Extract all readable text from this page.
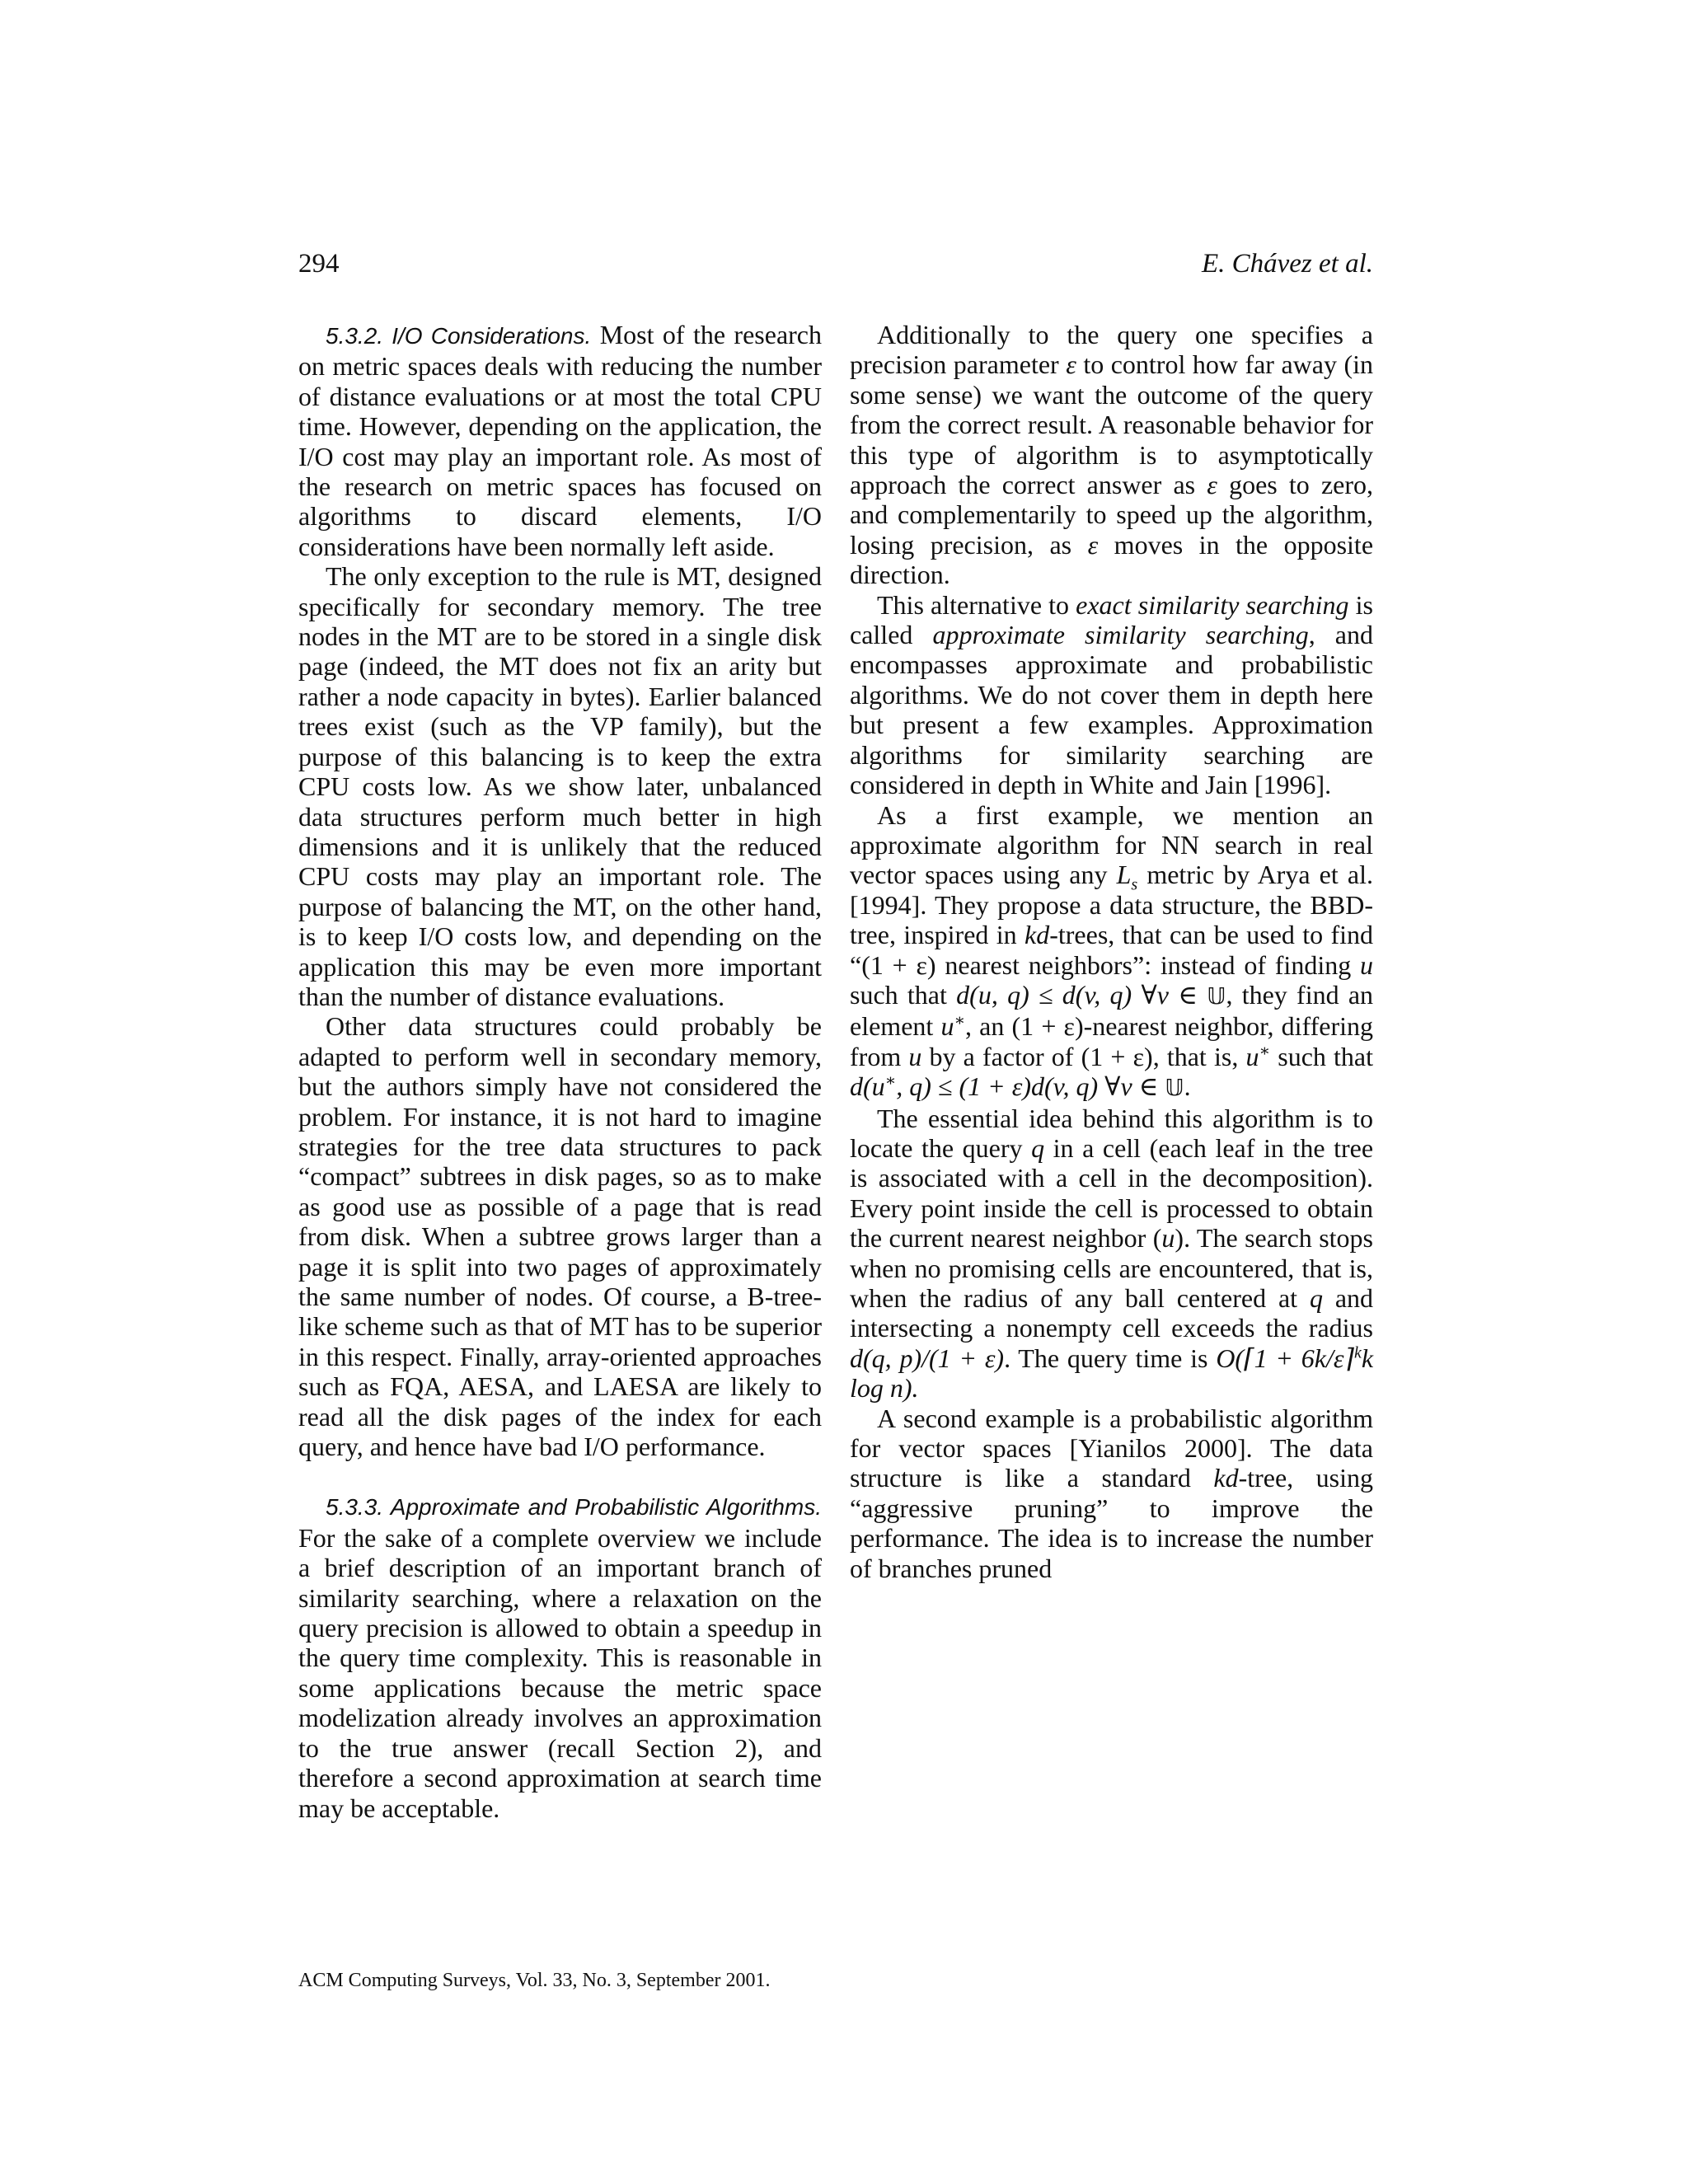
294	E. Chávez et al.

5.3.2. I/O Considerations. Most of the research on metric spaces deals with reducing the number of distance evaluations or at most the total CPU time. However, depending on the application, the I/O cost may play an important role. As most of the research on metric spaces has focused on algorithms to discard elements, I/O considerations have been normally left aside.

The only exception to the rule is MT, designed specifically for secondary memory. The tree nodes in the MT are to be stored in a single disk page (indeed, the MT does not fix an arity but rather a node capacity in bytes). Earlier balanced trees exist (such as the VP family), but the purpose of this balancing is to keep the extra CPU costs low. As we show later, unbalanced data structures perform much better in high dimensions and it is unlikely that the reduced CPU costs may play an important role. The purpose of balancing the MT, on the other hand, is to keep I/O costs low, and depending on the application this may be even more important than the number of distance evaluations.

Other data structures could probably be adapted to perform well in secondary memory, but the authors simply have not considered the problem. For instance, it is not hard to imagine strategies for the tree data structures to pack “compact” subtrees in disk pages, so as to make as good use as possible of a page that is read from disk. When a subtree grows larger than a page it is split into two pages of approximately the same number of nodes. Of course, a B-tree-like scheme such as that of MT has to be superior in this respect. Finally, array-oriented approaches such as FQA, AESA, and LAESA are likely to read all the disk pages of the index for each query, and hence have bad I/O performance.

5.3.3. Approximate and Probabilistic Algorithms. For the sake of a complete overview we include a brief description of an important branch of similarity searching, where a relaxation on the query precision is allowed to obtain a speedup in the query time complexity. This is reasonable in some applications because the metric space modelization already involves an approximation to the true answer (recall Section 2), and therefore a second approximation at search time may be acceptable.

Additionally to the query one specifies a precision parameter ε to control how far away (in some sense) we want the outcome of the query from the correct result. A reasonable behavior for this type of algorithm is to asymptotically approach the correct answer as ε goes to zero, and complementarily to speed up the algorithm, losing precision, as ε moves in the opposite direction.

This alternative to exact similarity searching is called approximate similarity searching, and encompasses approximate and probabilistic algorithms. We do not cover them in depth here but present a few examples. Approximation algorithms for similarity searching are considered in depth in White and Jain [1996].

As a first example, we mention an approximate algorithm for NN search in real vector spaces using any $L_s$ metric by Arya et al. [1994]. They propose a data structure, the BBD-tree, inspired in kd-trees, that can be used to find “(1 + ε) nearest neighbors”: instead of finding u such that d(u, q) ≤ d(v, q) ∀v ∈ 𝕌, they find an element u∗, an (1 + ε)-nearest neighbor, differing from u by a factor of (1 + ε), that is, u∗ such that d(u∗, q) ≤ (1 + ε)d(v, q) ∀v ∈ 𝕌.

The essential idea behind this algorithm is to locate the query q in a cell (each leaf in the tree is associated with a cell in the decomposition). Every point inside the cell is processed to obtain the current nearest neighbor (u). The search stops when no promising cells are encountered, that is, when the radius of any ball centered at q and intersecting a nonempty cell exceeds the radius d(q, p)/(1 + ε). The query time is O(⌈1 + 6k/ε⌉$^k$k log n).

A second example is a probabilistic algorithm for vector spaces [Yianilos 2000]. The data structure is like a standard kd-tree, using “aggressive pruning” to improve the performance. The idea is to increase the number of branches pruned

ACM Computing Surveys, Vol. 33, No. 3, September 2001.
